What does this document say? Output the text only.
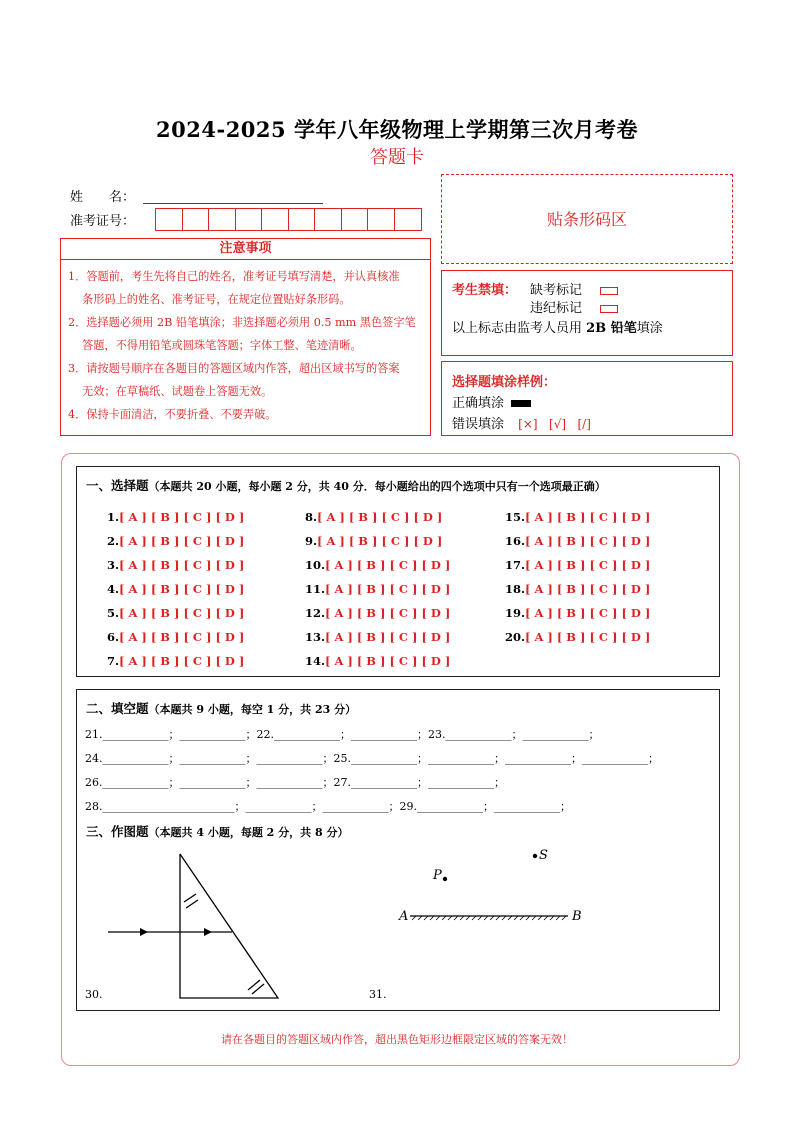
2024-2025 学年八年级物理上学期第三次月考卷
答题卡
姓　　名：
准考证号：	贴条形码区
注意事项
1．答题前，考生先将自己的姓名，准考证号填写清楚，并认真核准
条形码上的姓名、准考证号，在规定位置贴好条形码。
2．选择题必须用 2B 铅笔填涂；非选择题必须用 0.5 mm 黑色签字笔
答题，不得用铅笔或圆珠笔答题；字体工整、笔迹清晰。
3．请按题号顺序在各题目的答题区域内作答，超出区域书写的答案
无效；在草稿纸、试题卷上答题无效。
4．保持卡面清洁，不要折叠、不要弄破。
考生禁填： 缺考标记
违纪标记
以上标志由监考人员用 2B 铅笔填涂
选择题填涂样例：
正确填涂
错误填涂 [×]   [√]   [/]
一、选择题（本题共 20 小题，每小题 2 分，共 40 分．每小题给出的四个选项中只有一个选项最正确）
1.[ A ] [ B ] [ C ] [ D ]
2.[ A ] [ B ] [ C ] [ D ]
3.[ A ] [ B ] [ C ] [ D ]
4.[ A ] [ B ] [ C ] [ D ]
5.[ A ] [ B ] [ C ] [ D ]
6.[ A ] [ B ] [ C ] [ D ]
7.[ A ] [ B ] [ C ] [ D ]
8.[ A ] [ B ] [ C ] [ D ]
9.[ A ] [ B ] [ C ] [ D ]
10.[ A ] [ B ] [ C ] [ D ]
11.[ A ] [ B ] [ C ] [ D ]
12.[ A ] [ B ] [ C ] [ D ]
13.[ A ] [ B ] [ C ] [ D ]
14.[ A ] [ B ] [ C ] [ D ]
15.[ A ] [ B ] [ C ] [ D ]
16.[ A ] [ B ] [ C ] [ D ]
17.[ A ] [ B ] [ C ] [ D ]
18.[ A ] [ B ] [ C ] [ D ]
19.[ A ] [ B ] [ C ] [ D ]
20.[ A ] [ B ] [ C ] [ D ]
二、填空题（本题共 9 小题，每空 1 分，共 23 分）
21.____________；____________；22.____________；____________；23.____________；____________；
24.____________；____________；____________；25.____________；____________；____________；____________；
26.____________；____________；____________；27.____________；____________；
28.________________________；____________；____________；29.____________；____________；
三、作图题（本题共 4 小题，每题 2 分，共 8 分）
30.
P
S
A	B
31.
请在各题目的答题区域内作答，超出黑色矩形边框限定区域的答案无效！
